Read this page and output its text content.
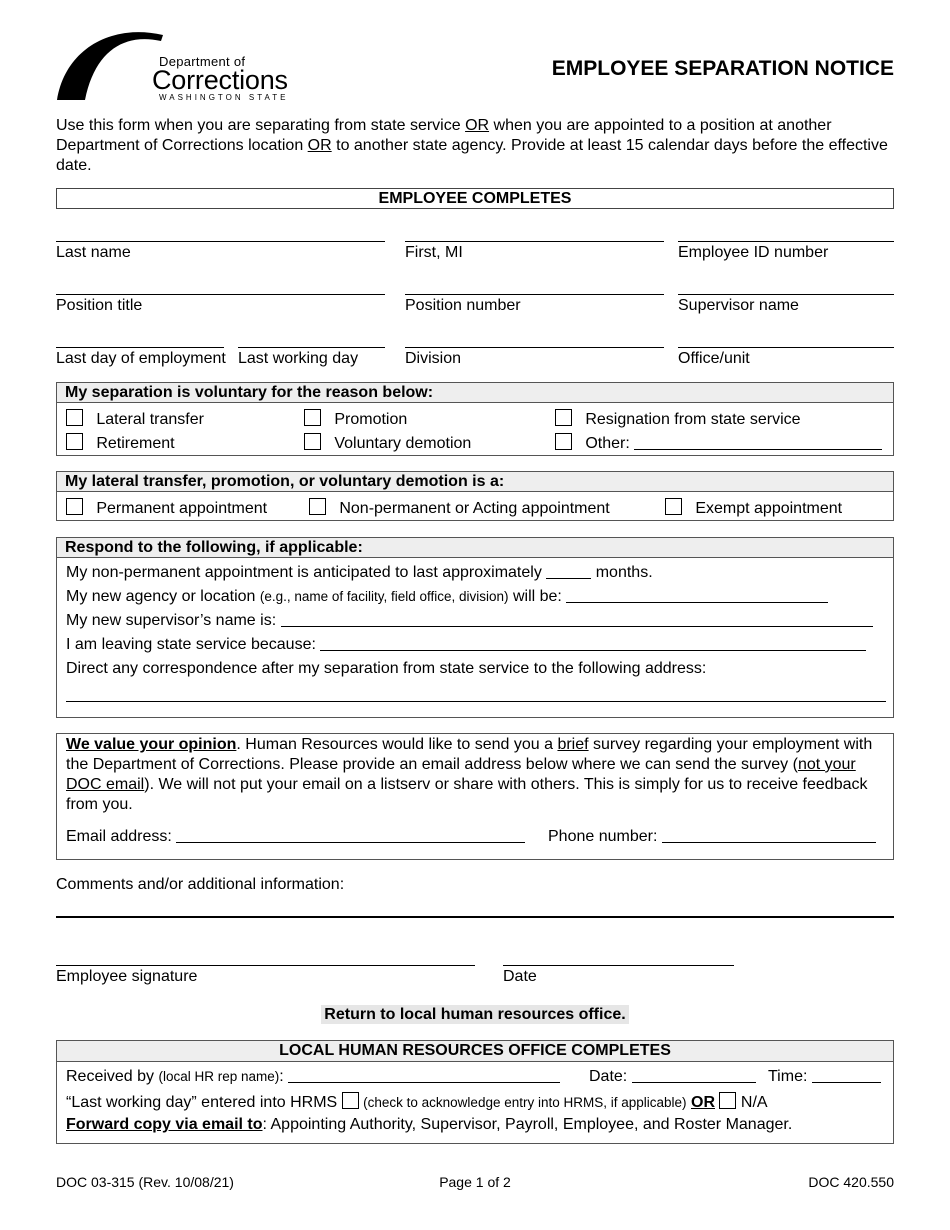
Department of
Corrections
WASHINGTON STATE
EMPLOYEE SEPARATION NOTICE
Use this form when you are separating from state service OR when you are appointed to a position at another Department of Corrections location OR to another state agency. Provide at least 15 calendar days before the effective date.
EMPLOYEE COMPLETES
Last name	First, MI	Employee ID number
Position title	Position number	Supervisor name
Last day of employment Last working day	Division	Office/unit
My separation is voluntary for the reason below:
Lateral transfer	Promotion	Resignation from state service
Retirement	Voluntary demotion	Other:
My lateral transfer, promotion, or voluntary demotion is a:
Permanent appointment	Non-permanent or Acting appointment	Exempt appointment
Respond to the following, if applicable:
My non-permanent appointment is anticipated to last approximately	months.
My new agency or location (e.g., name of facility, field office, division) will be:
My new supervisor’s name is:
I am leaving state service because:
Direct any correspondence after my separation from state service to the following address:
We value your opinion. Human Resources would like to send you a brief survey regarding your employment with the Department of Corrections. Please provide an email address below where we can send the survey (not your DOC email). We will not put your email on a listserv or share with others. This is simply for us to receive feedback from you.
Email address:	Phone number:
Comments and/or additional information:
Employee signature	Date
Return to local human resources office.
LOCAL HUMAN RESOURCES OFFICE COMPLETES
Received by (local HR rep name):	Date:	Time:
“Last working day” entered into HRMS (check to acknowledge entry into HRMS, if applicable) OR N/A
Forward copy via email to: Appointing Authority, Supervisor, Payroll, Employee, and Roster Manager.
DOC 03-315 (Rev. 10/08/21)	Page 1 of 2	DOC 420.550
